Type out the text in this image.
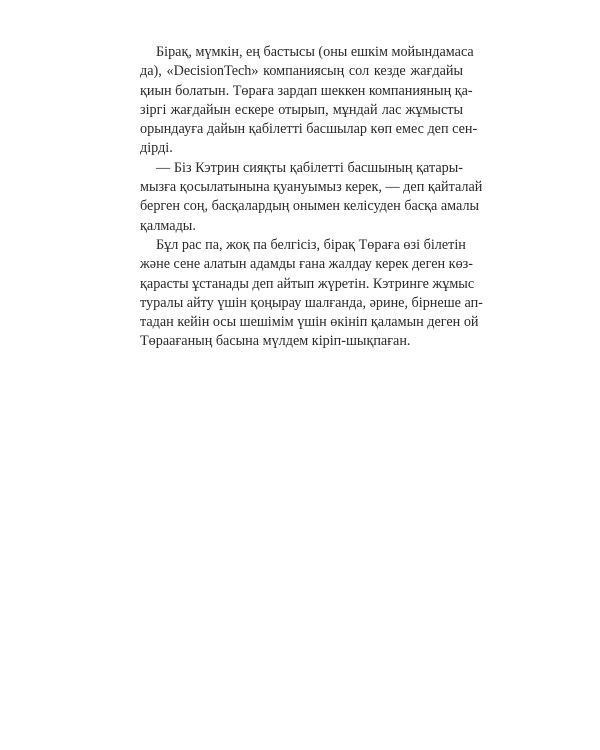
Бірақ, мүмкін, ең бастысы (оны ешкім мойындамаса
да), «DecisionTech» компаниясың сол кезде жағдайы
қиын болатын. Төраға зардап шеккен компанияның қа-
зіргі жағдайын ескере отырып, мұндай лас жұмысты
орындауға дайын қабілетті басшылар көп емес деп сен-
дірді.
— Біз Кэтрин сияқты қабілетті басшының қатары-
мызға қосылатынына қуануымыз керек, — деп қайталай
берген соң, басқалардың онымен келісуден басқа амалы
қалмады.
Бұл рас па, жоқ па белгісіз, бірақ Төраға өзі білетін
және сене алатын адамды ғана жалдау керек деген көз-
қарасты ұстанады деп айтып жүретін. Кэтринге жұмыс
туралы айту үшін қоңырау шалғанда, әрине, бірнеше ап-
тадан кейін осы шешімім үшін өкініп қаламын деген ой
Төраағаның басына мүлдем кіріп-шықпаған.
